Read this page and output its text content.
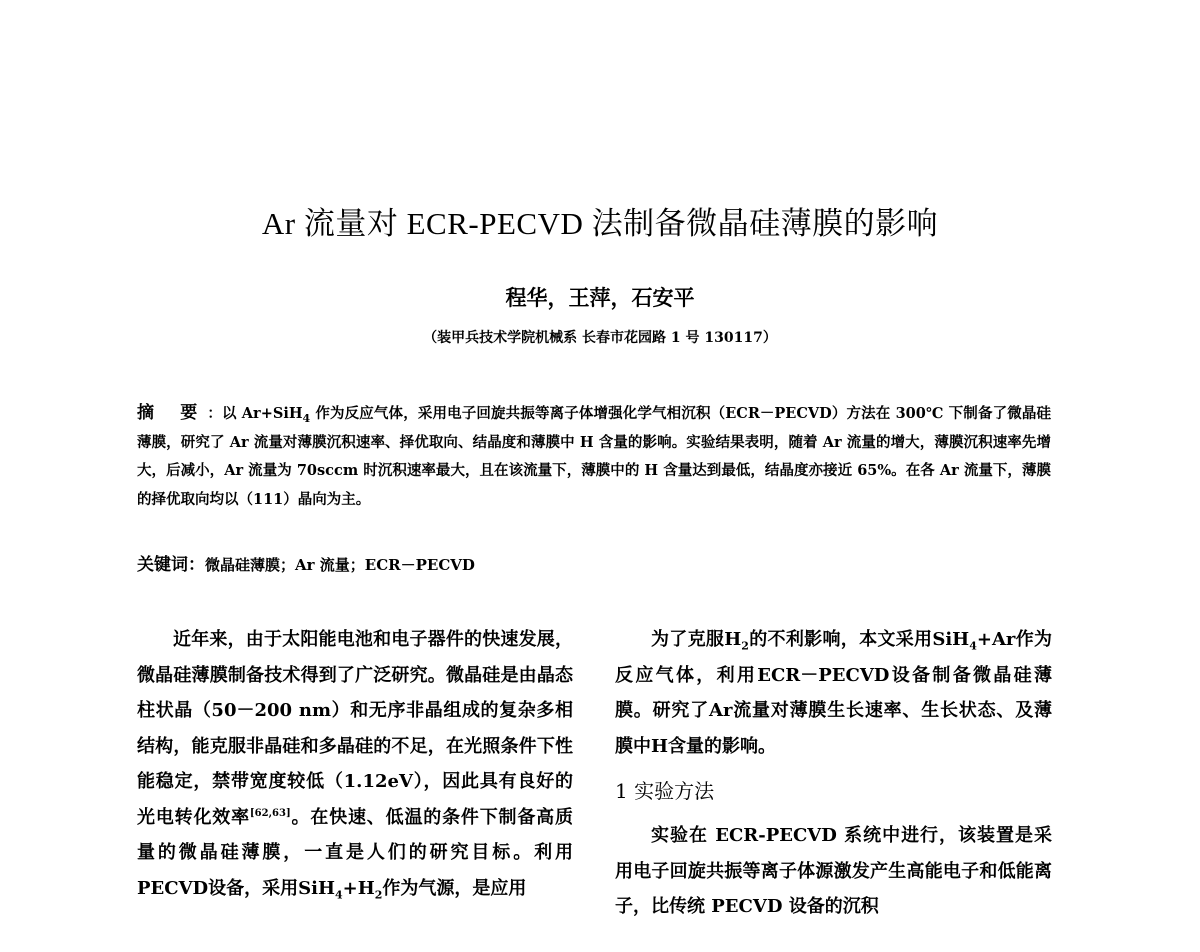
Ar 流量对 ECR-PECVD 法制备微晶硅薄膜的影响
程华，王萍，石安平
（装甲兵技术学院机械系 长春市花园路 1 号 130117）
摘 要：以 Ar+SiH$_4$ 作为反应气体，采用电子回旋共振等离子体增强化学气相沉积（ECR－PECVD）方法在 300℃ 下制备了微晶硅薄膜，研究了 Ar 流量对薄膜沉积速率、择优取向、结晶度和薄膜中 H 含量的影响。实验结果表明，随着 Ar 流量的增大，薄膜沉积速率先增大，后减小，Ar 流量为 70sccm 时沉积速率最大，且在该流量下，薄膜中的 H 含量达到最低，结晶度亦接近 65%。在各 Ar 流量下，薄膜的择优取向均以（111）晶向为主。
关键词：微晶硅薄膜；Ar 流量；ECR－PECVD

近年来，由于太阳能电池和电子器件的快速发展，微晶硅薄膜制备技术得到了广泛研究。微晶硅是由晶态柱状晶（50－200 nm）和无序非晶组成的复杂多相结构，能克服非晶硅和多晶硅的不足，在光照条件下性能稳定，禁带宽度较低（1.12eV），因此具有良好的光电转化效率[62,63]。在快速、低温的条件下制备高质量的微晶硅薄膜，一直是人们的研究目标。利用 PECVD设备，采用$SiH_4+H_2$作为气源，是应用

为了克服$H_2$的不利影响，本文采用SiH$_4$+Ar作为反应气体，利用ECR－PECVD设备制备微晶硅薄膜。研究了Ar流量对薄膜生长速率、生长状态、及薄膜中H含量的影响。

1 实验方法

实验在 ECR-PECVD 系统中进行，该装置是采用电子回旋共振等离子体源激发产生高能电子和低能离子，比传统 PECVD 设备的沉积
